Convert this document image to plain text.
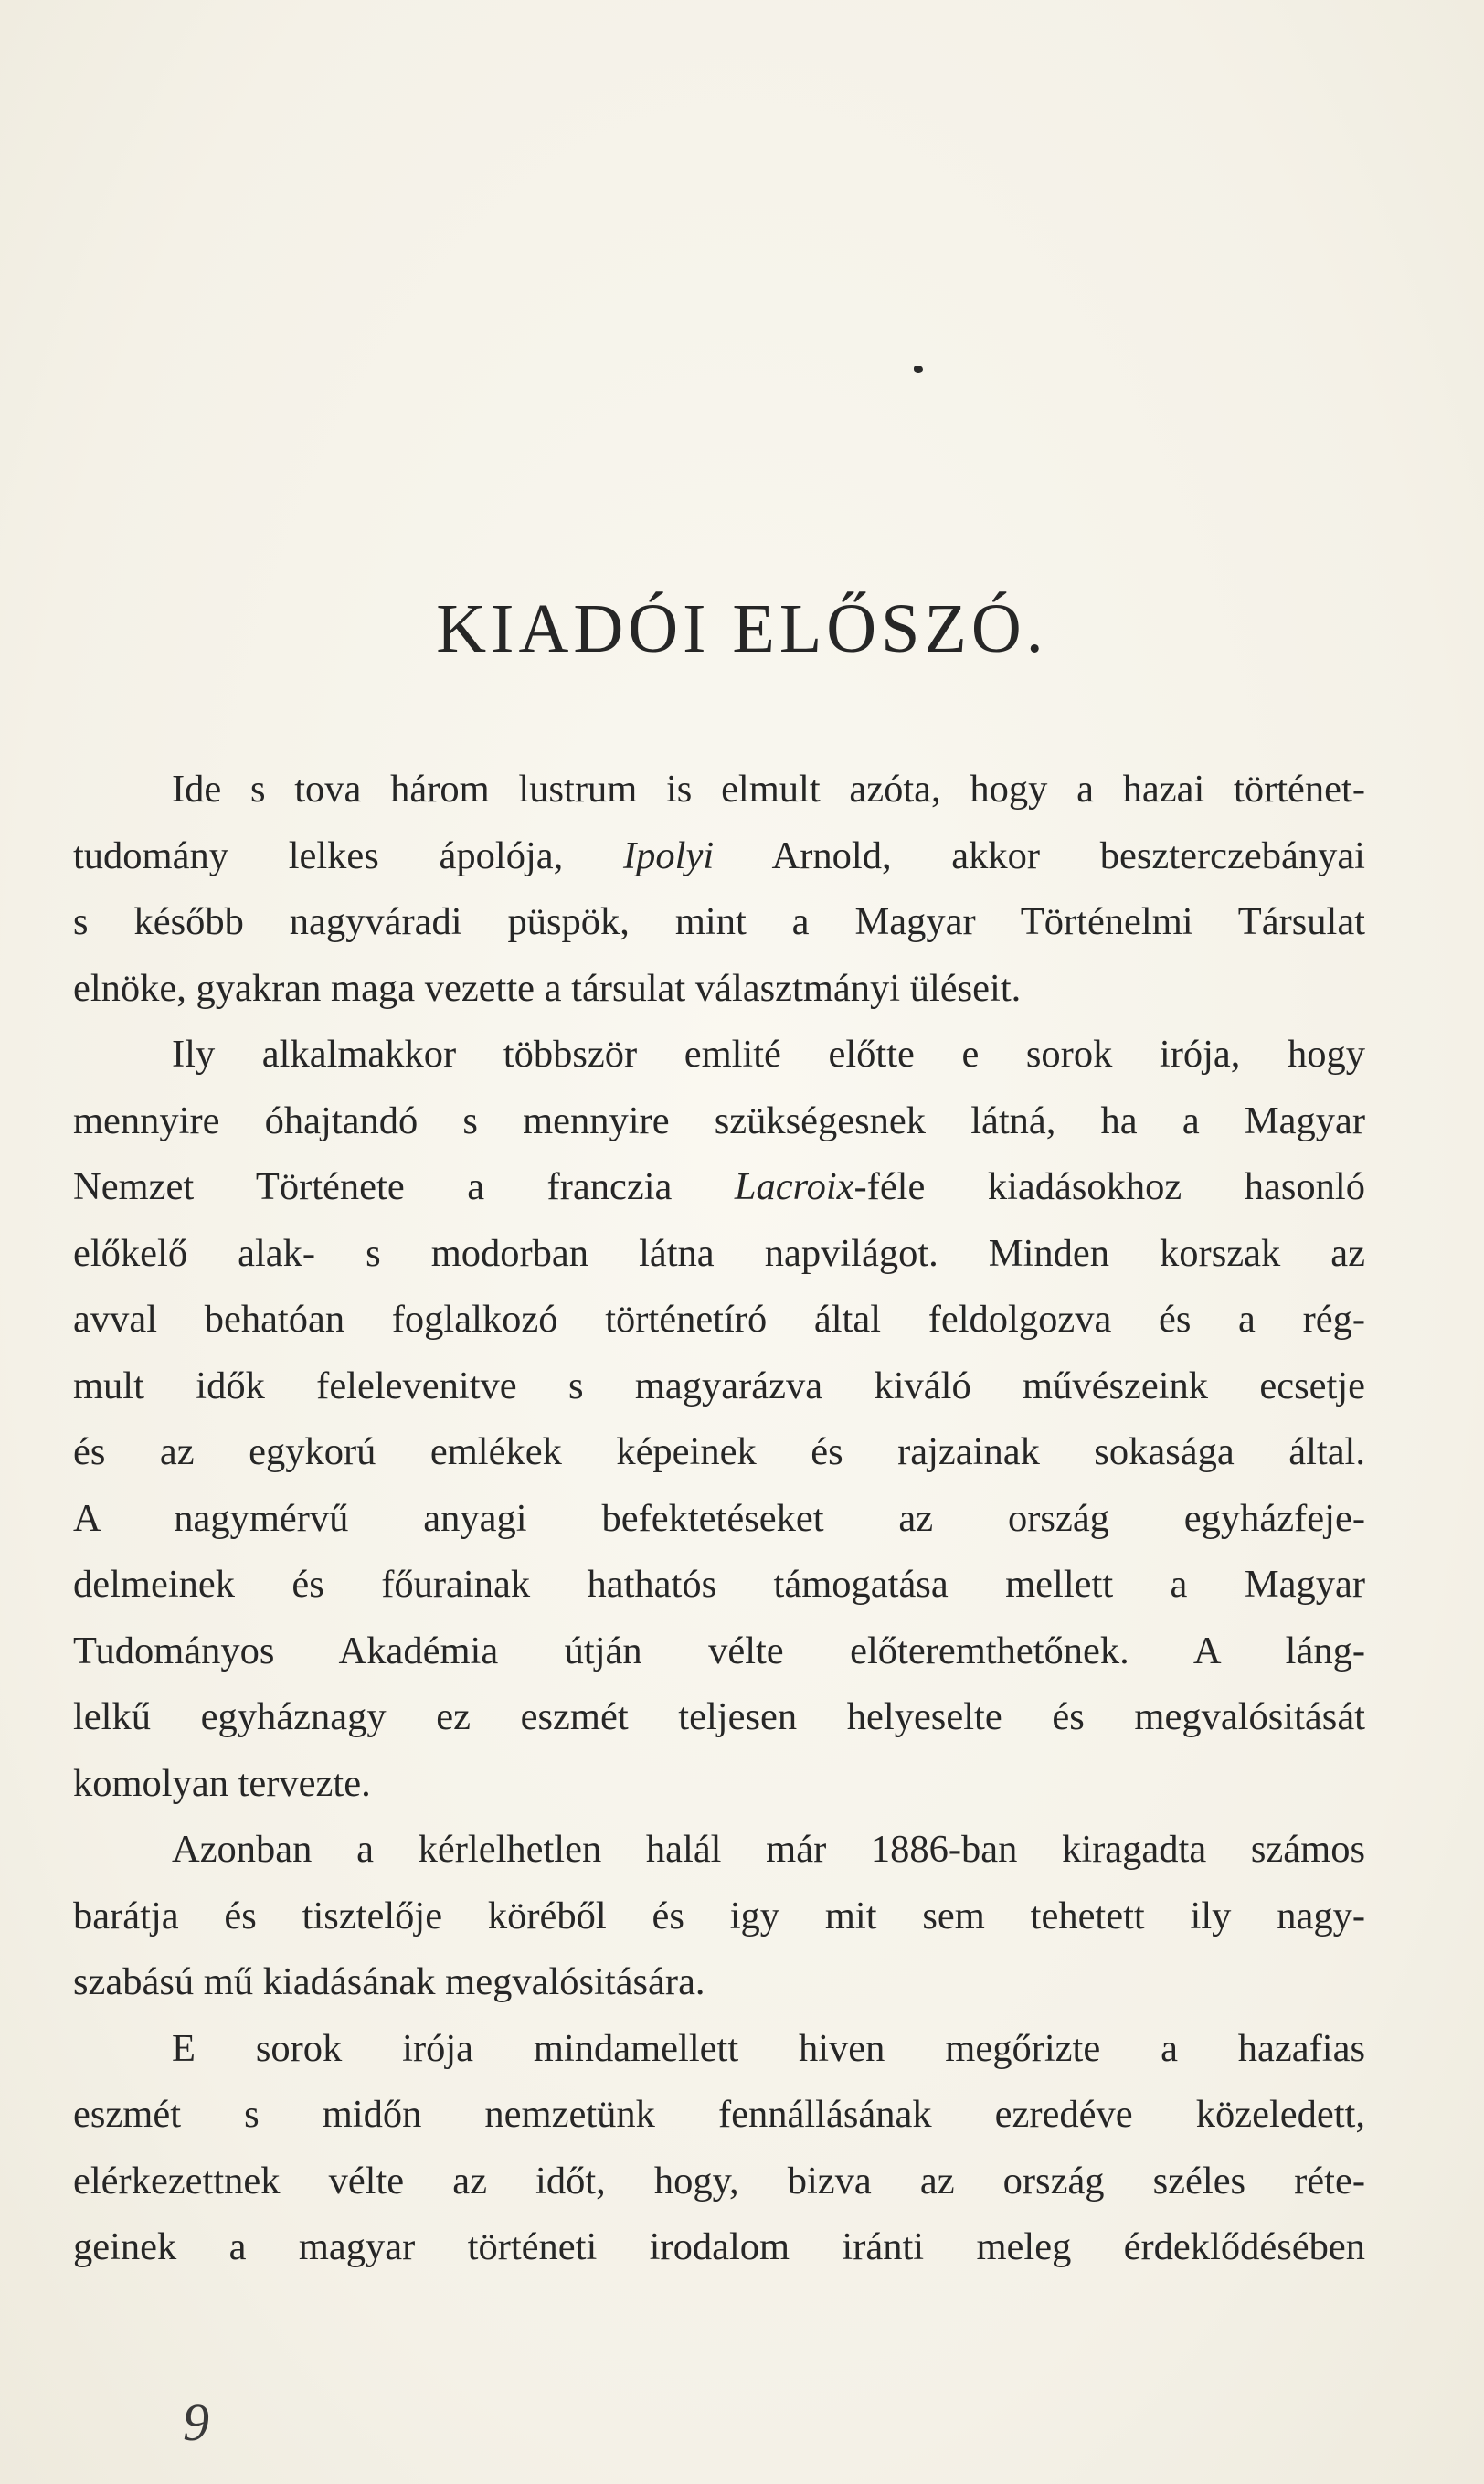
KIADÓI ELŐSZÓ.
Ide s tova három lustrum is elmult azóta, hogy a hazai történet-
tudomány lelkes ápolója, Ipolyi Arnold, akkor beszterczebányai
s később nagyváradi püspök, mint a Magyar Történelmi Társulat
elnöke, gyakran maga vezette a társulat választmányi üléseit.
Ily alkalmakkor többször emlité előtte e sorok irója, hogy
mennyire óhajtandó s mennyire szükségesnek látná, ha a Magyar
Nemzet Története a franczia Lacroix-féle kiadásokhoz hasonló
előkelő alak- s modorban látna napvilágot. Minden korszak az
avval behatóan foglalkozó történetíró által feldolgozva és a rég-
mult idők felelevenitve s magyarázva kiváló művészeink ecsetje
és az egykorú emlékek képeinek és rajzainak sokasága által.
A nagymérvű anyagi befektetéseket az ország egyházfeje-
delmeinek és főurainak hathatós támogatása mellett a Magyar
Tudományos Akadémia útján vélte előteremthetőnek. A láng-
lelkű egyháznagy ez eszmét teljesen helyeselte és megvalósitását
komolyan tervezte.
Azonban a kérlelhetlen halál már 1886-ban kiragadta számos
barátja és tisztelője köréből és igy mit sem tehetett ily nagy-
szabású mű kiadásának megvalósitására.
E sorok irója mindamellett hiven megőrizte a hazafias
eszmét s midőn nemzetünk fennállásának ezredéve közeledett,
elérkezettnek vélte az időt, hogy, bizva az ország széles réte-
geinek a magyar történeti irodalom iránti meleg érdeklődésében
9
